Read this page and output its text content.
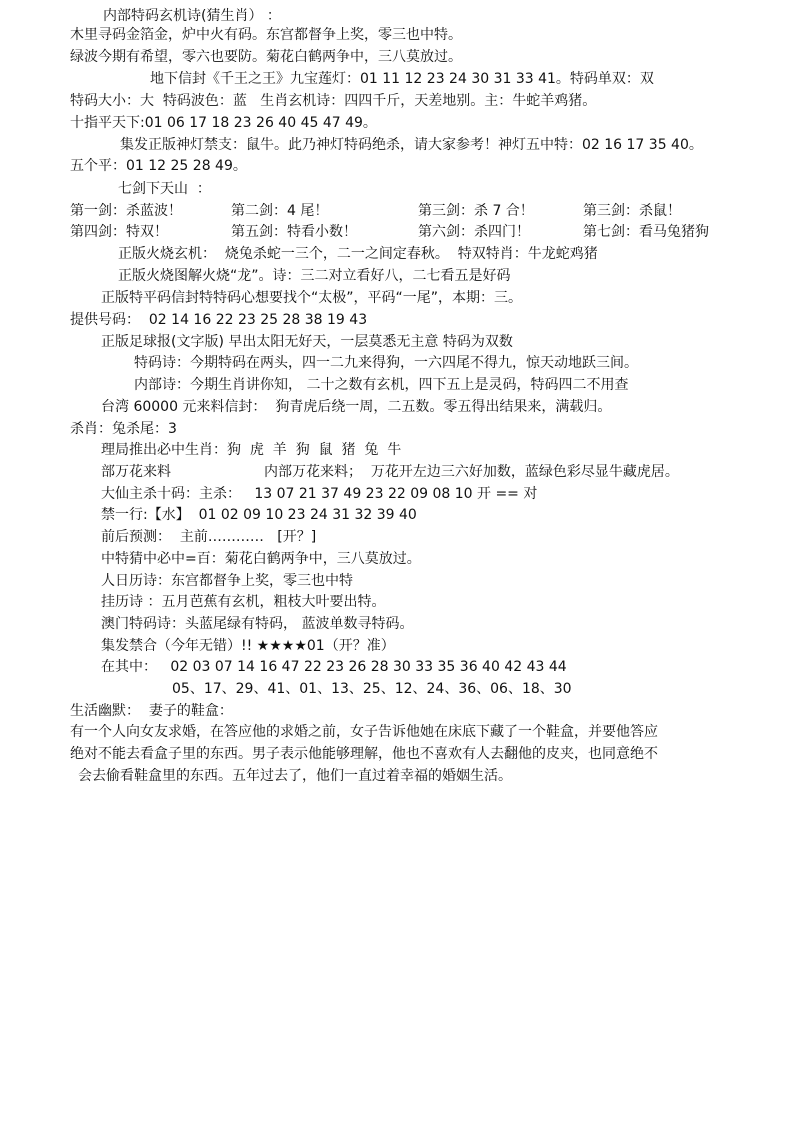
内部特码玄机诗(猜生肖） ：
木里寻码金箔金，炉中火有码。东宫都督争上奖，零三也中特。
绿波今期有希望，零六也要防。菊花白鹤两争中，三八莫放过。
地下信封《千王之王》九宝莲灯：01 11 12 23 24 30 31 33 41。特码单双：双
特码大小：大  特码波色：蓝   生肖玄机诗：四四千斤，天差地别。主：牛蛇羊鸡猪。
十指平天下:01 06 17 18 23 26 40 45 47 49。
集发正版神灯禁支：鼠牛。此乃神灯特码绝杀，请大家参考！神灯五中特：02 16 17 35 40。
五个平：01 12 25 28 49。
七剑下天山  ：
第一剑：杀蓝波！	第二剑：4 尾！	第三剑：杀 7 合！	第三剑：杀鼠！
第四剑：特双！	第五剑：特看小数！	第六剑：杀四门！	第七剑：看马兔猪狗
正版火烧玄机：  烧兔杀蛇一三个，二一之间定春秋。  特双特肖：牛龙蛇鸡猪
正版火烧图解火烧“龙”。诗：三二对立看好八，二七看五是好码
正版特平码信封特特码心想要找个“太极”，平码“一尾”，本期：三。
提供号码：  02 14 16 22 23 25 28 38 19 43
正版足球报(文字版) 早出太阳无好天，一层莫悉无主意 特码为双数
特码诗：今期特码在两头，四一二九来得狗，一六四尾不得九，惊天动地跃三间。
内部诗：今期生肖讲你知， 二十之数有玄机，四下五上是灵码，特码四二不用查
台湾 60000 元来料信封：  狗青虎后绕一周，二五数。零五得出结果来，满载归。
杀肖：兔杀尾：3
理局推出必中生肖：狗  虎  羊  狗  鼠  猪  兔  牛
部万花来料	内部万花来料；  万花开左边三六好加数，蓝绿色彩尽显牛藏虎居。
大仙主杀十码：主杀：   13 07 21 37 49 23 22 09 08 10 开 == 对
禁一行:【水】  01 02 09 10 23 24 31 32 39 40
前后预测：  主前…………   [开？]
中特猜中必中=百：菊花白鹤两争中，三八莫放过。
人日历诗：东宫都督争上奖，零三也中特
挂历诗 ：五月芭蕉有玄机，粗枝大叶要出特。
澳门特码诗：头蓝尾绿有特码， 蓝波单数寻特码。
集发禁合（今年无错）!! ★★★★01（开？准）
在其中：   02 03 07 14 16 47 22 23 26 28 30 33 35 36 40 42 43 44
05、17、29、41、01、13、25、12、24、36、06、18、30
生活幽默：  妻子的鞋盒：
有一个人向女友求婚，在答应他的求婚之前，女子告诉他她在床底下藏了一个鞋盒，并要他答应
绝对不能去看盒子里的东西。男子表示他能够理解，他也不喜欢有人去翻他的皮夹，也同意绝不
会去偷看鞋盒里的东西。五年过去了，他们一直过着幸福的婚姻生活。
